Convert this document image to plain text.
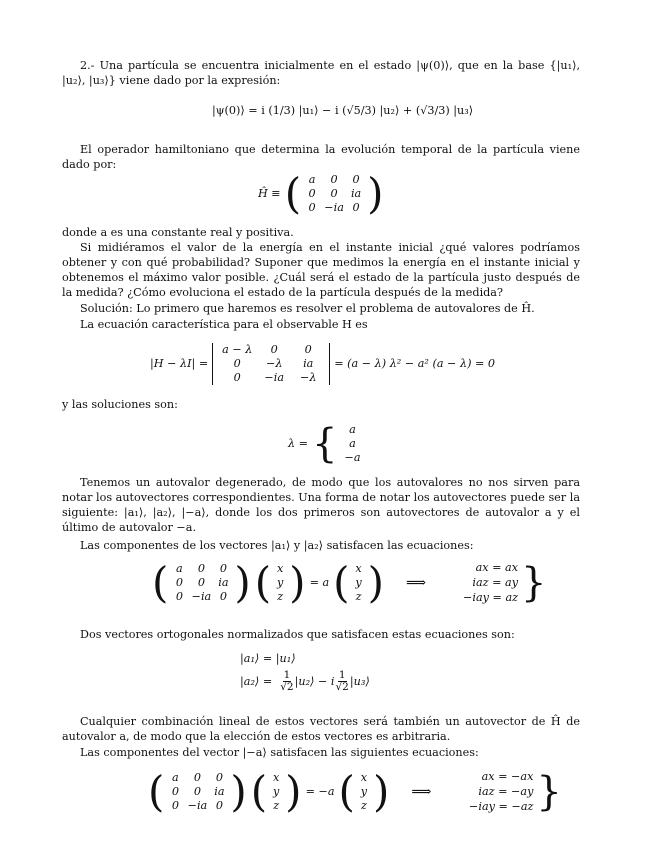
2.- Una partícula se encuentra inicialmente en el estado |ψ(0)⟩, que en la base {|u₁⟩, |u₂⟩, |u₃⟩} viene dado por la expresión:

|ψ(0)⟩ = i (1/3) |u₁⟩ − i (√5/3) |u₂⟩ + (√3/3) |u₃⟩

El operador hamiltoniano que determina la evolución temporal de la partícula viene dado por:

Ĥ ≡ ( a	0	0
0	0	ia
0 −ia 0 )

donde a es una constante real y positiva.

Si midiéramos el valor de la energía en el instante inicial ¿qué valores podríamos obtener y con qué probabilidad? Suponer que medimos la energía en el instante inicial y obtenemos el máximo valor posible. ¿Cuál será el estado de la partícula justo después de la medida? ¿Cómo evoluciona el estado de la partícula después de la medida?

Solución: Lo primero que haremos es resolver el problema de autovalores de Ĥ.

La ecuación característica para el observable H es

|H − λI| =
a − λ	0	0
0	−λ	ia
0	−ia	−λ
= (a − λ) λ² − a² (a − λ) = 0

y las soluciones son:

λ = {	a
a
−a

Tenemos un autovalor degenerado, de modo que los autovalores no nos sirven para notar los autovectores correspondientes. Una forma de notar los autovectores puede ser la siguiente: |a₁⟩, |a₂⟩, |−a⟩, donde los dos primeros son autovectores de autovalor a y el último de autovalor −a.

Las componentes de los vectores |a₁⟩ y |a₂⟩ satisfacen las ecuaciones:

( a	0	0
0	0	ia
0 −ia 0 ) ( x
y
z ) = a ( x
y
z ) ⟹
ax = ax
iaz = ay
−iay = az }

Dos vectores ortogonales normalizados que satisfacen estas ecuaciones son:

|a₁⟩ = |u₁⟩
|a₂⟩ = $\frac{1}{√2}$ |u₂⟩ − i $\frac{1}{√2}$ |u₃⟩

Cualquier combinación lineal de estos vectores será también un autovector de Ĥ de autovalor a, de modo que la elección de estos vectores es arbitraria.

Las componentes del vector |−a⟩ satisfacen las siguientes ecuaciones:

( a	0	0
0	0	ia
0 −ia 0 ) ( x
y
z ) = −a ( x
y
z ) ⟹
ax = −ax
iaz = −ay
−iay = −az }
